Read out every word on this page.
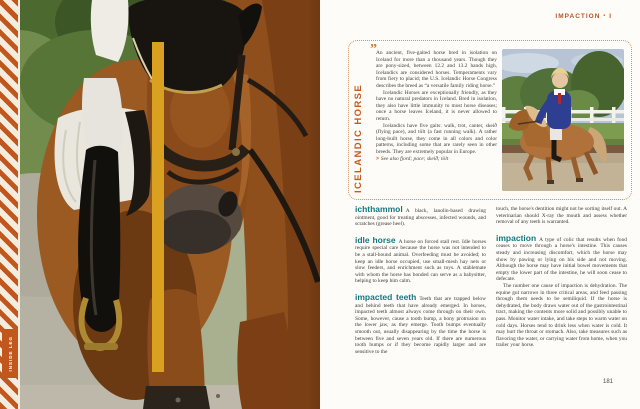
INSIDE LEG
IMPACTION • I
ICELANDIC HORSE
” An ancient, five-gaited horse bred in isolation on Iceland for more than a thousand years. Though they are pony-sized, between 12.2 and 13.2 hands high, Icelandics are considered horses. Temperaments vary from fiery to placid; the U.S. Icelandic Horse Congress describes the breed as “a versatile family riding horse.”

Icelandic Horses are exceptionally friendly, as they have no natural predators in Iceland. Bred in isolation, they also have little immunity to most horse diseases; once a horse leaves Iceland, it is never allowed to return.

Icelandics have five gaits: walk, trot, canter, skeið (flying pace), and tölt (a fast running walk). A rather long-built horse, they come in all colors and color patterns, including some that are rarely seen in other breeds. They are extremely popular in Europe.

> See also fjord; pace; skeið; tölt

ichthammol A black, lanolin-based drawing ointment, good for treating abscesses, infected wounds, and scratches (grease heel).

idle horse A horse on forced stall rest. Idle horses require special care because the horse was not intended to be a stall-bound animal. Overfeeding must be avoided; to keep an idle horse occupied, use small-mesh hay nets or slow feeders, and enrichment such as toys. A stablemate with whom the horse has bonded can serve as a babysitter, helping to keep him calm.

impacted teeth Teeth that are trapped below and behind teeth that have already emerged. In horses, impacted teeth almost always come through on their own. Some, however, cause a tooth bump, a bony protrusion on the lower jaw, as they emerge. Tooth bumps eventually smooth out, usually disappearing by the time the horse is between five and seven years old. If there are numerous tooth bumps or if they become rapidly larger and are sensitive to the

touch, the horse's dentition might not be sorting itself out. A veterinarian should X-ray the mouth and assess whether removal of any teeth is warranted.

impaction A type of colic that results when food ceases to move through a horse's intestine. This causes steady and increasing discomfort, which the horse may show by pawing or lying on his side and not moving. Although the horse may have initial bowel movements that empty the lower part of the intestine, he will soon cease to defecate.

The number one cause of impaction is dehydration. The equine gut narrows in three critical areas, and feed passing through them needs to be semiliquid. If the horse is dehydrated, the body draws water out of the gastrointestinal tract, making the contents more solid and possibly unable to pass. Monitor water intake, and take steps to warm water on cold days. Horses tend to drink less when water is cold. It may hurt the throat or stomach. Also, take measures such as flavoring the water, or carrying water from home, when you trailer your horse.

181
